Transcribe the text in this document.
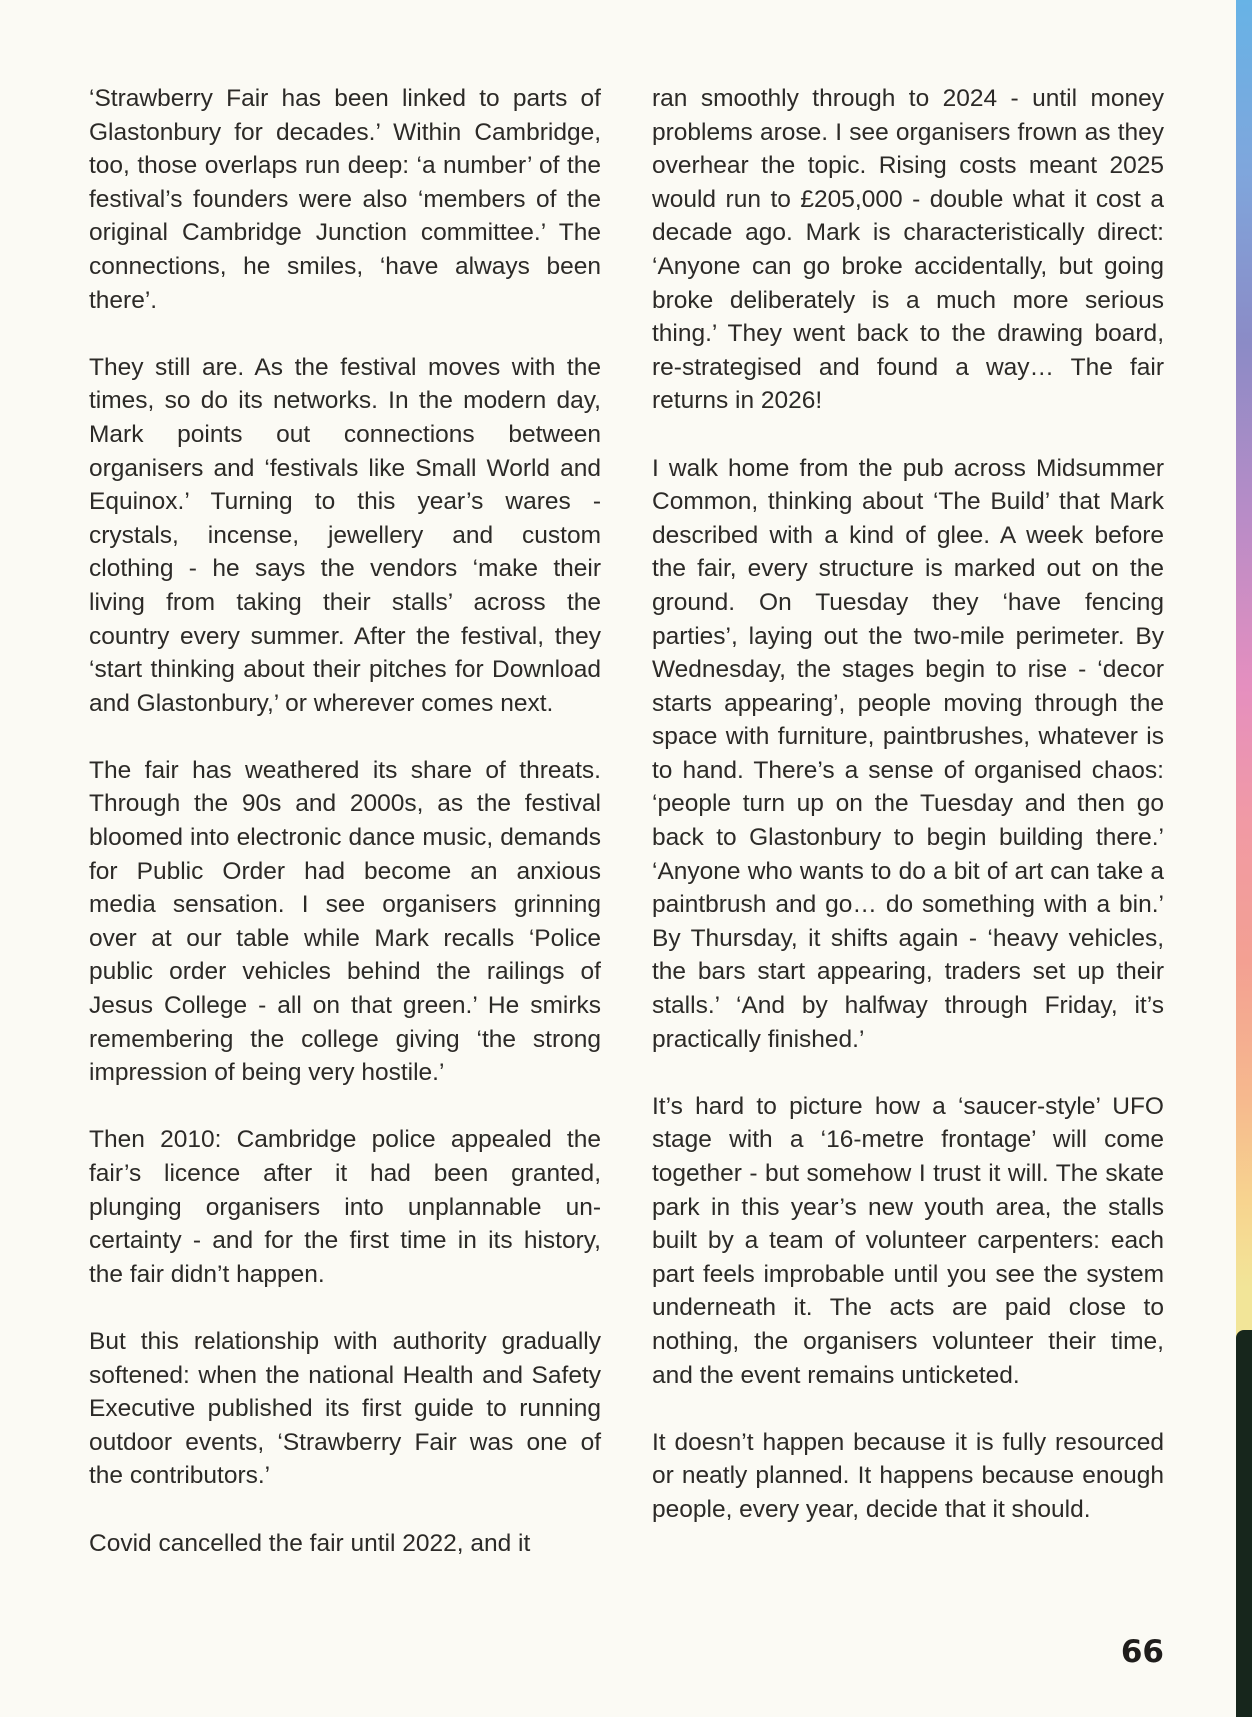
‘Strawberry Fair has been linked to parts of Glastonbury for decades.’ Within Cambridge, too, those overlaps run deep: ‘a number’ of the festival’s founders were also ‘members of the original Cambridge Junction committee.’ The connections, he smiles, ‘have always been there’.

They still are. As the festival moves with the times, so do its networks. In the modern day, Mark points out connections between organisers and ‘festivals like Small World and Equinox.’ Turning to this year’s wares - crystals, incense, jewellery and custom clothing - he says the vendors ‘make their living from taking their stalls’ across the country every summer. After the festival, they ‘start thinking about their pitches for Download and Glastonbury,’ or wherever comes next.

The fair has weathered its share of threats. Through the 90s and 2000s, as the festival bloomed into electronic dance music, demands for Public Order had become an anxious media sensation. I see organisers grinning over at our table while Mark recalls ‘Police public order vehicles behind the railings of Jesus College - all on that green.’ He smirks remembering the college giving ‘the strong impression of being very hostile.’

Then 2010: Cambridge police appealed the fair’s licence after it had been granted, plunging organisers into unplannable uncertainty - and for the first time in its history, the fair didn’t happen.

But this relationship with authority gradually softened: when the national Health and Safety Executive published its first guide to running outdoor events, ‘Strawberry Fair was one of the contributors.’

Covid cancelled the fair until 2022, and it

ran smoothly through to 2024 - until money problems arose. I see organisers frown as they overhear the topic. Rising costs meant 2025 would run to £205,000 - double what it cost a decade ago. Mark is characteristically direct: ‘Anyone can go broke accidentally, but going broke deliberately is a much more serious thing.’ They went back to the drawing board, re-strategised and found a way… The fair returns in 2026!

I walk home from the pub across Midsummer Common, thinking about ‘The Build’ that Mark described with a kind of glee. A week before the fair, every structure is marked out on the ground. On Tuesday they ‘have fencing parties’, laying out the two-mile perimeter. By Wednesday, the stages begin to rise - ‘decor starts appearing’, people moving through the space with furniture, paintbrushes, whatever is to hand. There’s a sense of organised chaos: ‘people turn up on the Tuesday and then go back to Glastonbury to begin building there.’ ‘Anyone who wants to do a bit of art can take a paintbrush and go… do something with a bin.’ By Thursday, it shifts again - ‘heavy vehicles, the bars start appearing, traders set up their stalls.’ ‘And by halfway through Friday, it’s practically finished.’

It’s hard to picture how a ‘saucer-style’ UFO stage with a ‘16-metre frontage’ will come together - but somehow I trust it will. The skate park in this year’s new youth area, the stalls built by a team of volunteer carpenters: each part feels improbable until you see the system underneath it. The acts are paid close to nothing, the organisers volunteer their time, and the event remains unticketed.

It doesn’t happen because it is fully resourced or neatly planned. It happens because enough people, every year, decide that it should.

66
